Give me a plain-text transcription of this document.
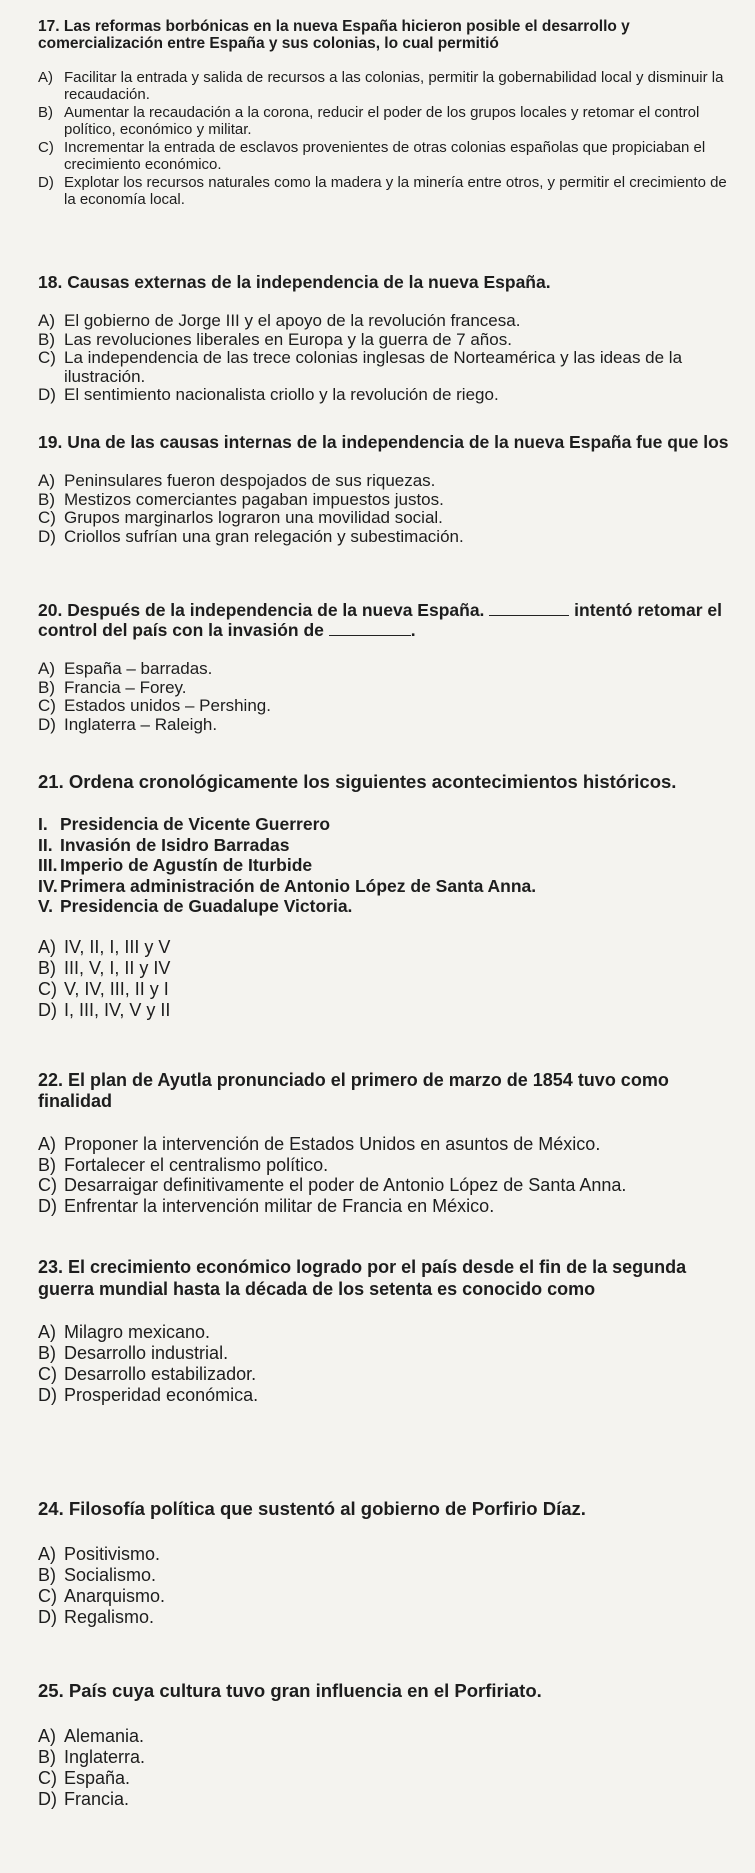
17. Las reformas borbónicas en la nueva España hicieron posible el desarrollo y comercialización entre España y sus colonias, lo cual permitió

A) Facilitar la entrada y salida de recursos a las colonias, permitir la gobernabilidad local y disminuir la recaudación.
B) Aumentar la recaudación a la corona, reducir el poder de los grupos locales y retomar el control político, económico y militar.
C) Incrementar la entrada de esclavos provenientes de otras colonias españolas que propiciaban el crecimiento económico.
D) Explotar los recursos naturales como la madera y la minería entre otros, y permitir el crecimiento de la economía local.

18. Causas externas de la independencia de la nueva España.

A) El gobierno de Jorge III y el apoyo de la revolución francesa.
B) Las revoluciones liberales en Europa y la guerra de 7 años.
C) La independencia de las trece colonias inglesas de Norteamérica y las ideas de la ilustración.
D) El sentimiento nacionalista criollo y la revolución de riego.

19. Una de las causas internas de la independencia de la nueva España fue que los

A) Peninsulares fueron despojados de sus riquezas.
B) Mestizos comerciantes pagaban impuestos justos.
C) Grupos marginarlos lograron una movilidad social.
D) Criollos sufrían una gran relegación y subestimación.

20. Después de la independencia de la nueva España.	intentó retomar el control del país con la invasión de	.

A) España – barradas.
B) Francia – Forey.
C) Estados unidos – Pershing.
D) Inglaterra – Raleigh.

21. Ordena cronológicamente los siguientes acontecimientos históricos.

I. Presidencia de Vicente Guerrero
II. Invasión de Isidro Barradas
III. Imperio de Agustín de Iturbide
IV. Primera administración de Antonio López de Santa Anna.
V. Presidencia de Guadalupe Victoria.
A) IV, II, I, III y V
B) III, V, I, II y IV
C) V, IV, III, II y I
D) I, III, IV, V y II

22. El plan de Ayutla pronunciado el primero de marzo de 1854 tuvo como finalidad

A) Proponer la intervención de Estados Unidos en asuntos de México.
B) Fortalecer el centralismo político.
C) Desarraigar definitivamente el poder de Antonio López de Santa Anna.
D) Enfrentar la intervención militar de Francia en México.

23. El crecimiento económico logrado por el país desde el fin de la segunda guerra mundial hasta la década de los setenta es conocido como

A) Milagro mexicano.
B) Desarrollo industrial.
C) Desarrollo estabilizador.
D) Prosperidad económica.

24. Filosofía política que sustentó al gobierno de Porfirio Díaz.

A) Positivismo.
B) Socialismo.
C) Anarquismo.
D) Regalismo.

25. País cuya cultura tuvo gran influencia en el Porfiriato.

A) Alemania.
B) Inglaterra.
C) España.
D) Francia.
